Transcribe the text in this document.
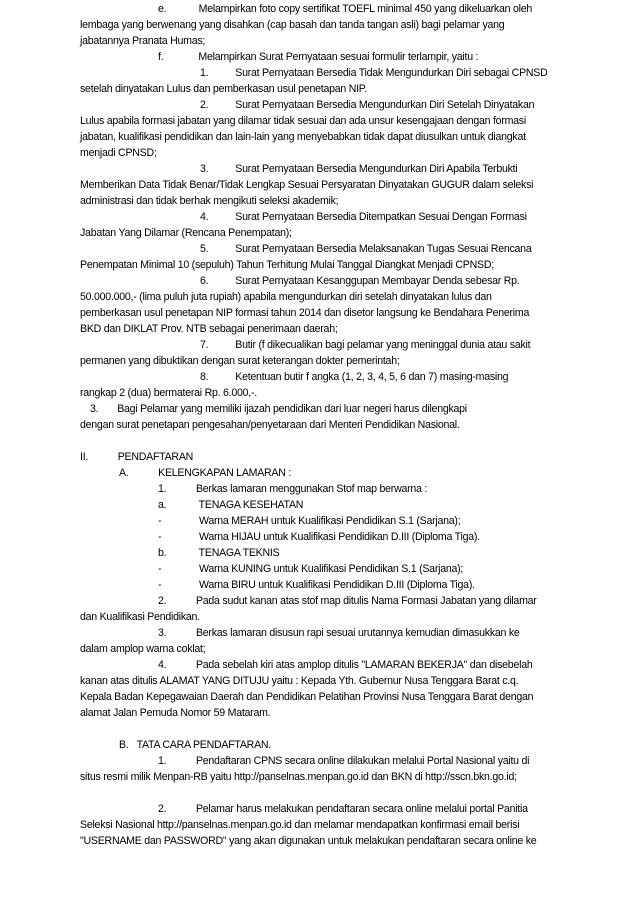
e.            Melampirkan foto copy sertifikat TOEFL minimal 450 yang dikeluarkan oleh
lembaga yang berwenang yang disahkan (cap basah dan tanda tangan asli) bagi pelamar yang
jabatannya Pranata Humas;
f.             Melampirkan Surat Pernyataan sesuai formulir terlampir, yaitu :
1.          Surat Pernyataan Bersedia Tidak Mengundurkan Diri sebagai CPNSD
setelah dinyatakan Lulus dan pemberkasan usul penetapan NIP.
2.          Surat Pernyataan Bersedia Mengundurkan Diri Setelah Dinyatakan
Lulus apabila formasi jabatan yang dilamar tidak sesuai dan ada unsur kesengajaan dengan formasi
jabatan, kualifikasi pendidikan dan lain-lain yang menyebabkan tidak dapat diusulkan untuk diangkat
menjadi CPNSD;
3.          Surat Pernyataan Bersedia Mengundurkan Diri Apabila Terbukti
Memberikan Data Tidak Benar/Tidak Lengkap Sesuai Persyaratan Dinyatakan GUGUR dalam seleksi
administrasi dan tidak berhak mengikuti seleksi akademik;
4.          Surat Pernyataan Bersedia Ditempatkan Sesuai Dengan Formasi
Jabatan Yang Dilamar (Rencana Penempatan);
5.          Surat Pernyataan Bersedia Melaksanakan Tugas Sesuai Rencana
Penempatan Minimal 10 (sepuluh) Tahun Terhitung Mulai Tanggal Diangkat Menjadi CPNSD;
6.          Surat Pernyataan Kesanggupan Membayar Denda sebesar Rp.
50.000.000,- (lima puluh juta rupiah) apabila mengundurkan diri setelah dinyatakan lulus dan
pemberkasan usul penetapan NIP formasi tahun 2014 dan disetor langsung ke Bendahara Penerima
BKD dan DIKLAT Prov. NTB sebagai penerimaan daerah;
7.          Butir (f dikecualikan bagi pelamar yang meninggal dunia atau sakit
permanen yang dibuktikan dengan surat keterangan dokter pemerintah;
8.          Ketentuan butir f angka (1, 2, 3, 4, 5, 6 dan 7) masing-masing
rangkap 2 (dua) bermaterai Rp. 6.000,-.
3.       Bagi Pelamar yang memiliki ijazah pendidikan dari luar negeri harus dilengkapi
dengan surat penetapan pengesahan/penyetaraan dari Menteri Pendidikan Nasional.
II.           PENDAFTARAN
A.           KELENGKAPAN LAMARAN :
1.           Berkas lamaran menggunakan Stof map berwarna :
a.            TENAGA KESEHATAN
-              Warna MERAH untuk Kualifikasi Pendidikan S.1 (Sarjana);
-              Warna HIJAU untuk Kualifikasi Pendidikan D.III (Diploma Tiga).
b.            TENAGA TEKNIS
-              Warna KUNING untuk Kualifikasi Pendidikan S.1 (Sarjana);
-              Warna BIRU untuk Kualifikasi Pendidikan D.III (Diploma Tiga).
2.           Pada sudut kanan atas stof map ditulis Nama Formasi Jabatan yang dilamar
dan Kualifikasi Pendidikan.
3.           Berkas lamaran disusun rapi sesuai urutannya kemudian dimasukkan ke
dalam amplop warna coklat;
4.           Pada sebelah kiri atas amplop ditulis "LAMARAN BEKERJA" dan disebelah
kanan atas ditulis ALAMAT YANG DITUJU yaitu : Kepada Yth. Gubernur Nusa Tenggara Barat c.q.
Kepala Badan Kepegawaian Daerah dan Pendidikan Pelatihan Provinsi Nusa Tenggara Barat dengan
alamat Jalan Pemuda Nomor 59 Mataram.
B.   TATA CARA PENDAFTARAN.
1.           Pendaftaran CPNS secara online dilakukan melalui Portal Nasional yaitu di
situs resmi milik Menpan-RB yaitu http://panselnas.menpan.go.id dan BKN di http://sscn.bkn.go.id;
2.           Pelamar harus melakukan pendaftaran secara online melalui portal Panitia
Seleksi Nasional http://panselnas.menpan.go.id dan melamar mendapatkan konfirmasi email berisi
"USERNAME dan PASSWORD" yang akan digunakan untuk melakukan pendaftaran secara online ke
